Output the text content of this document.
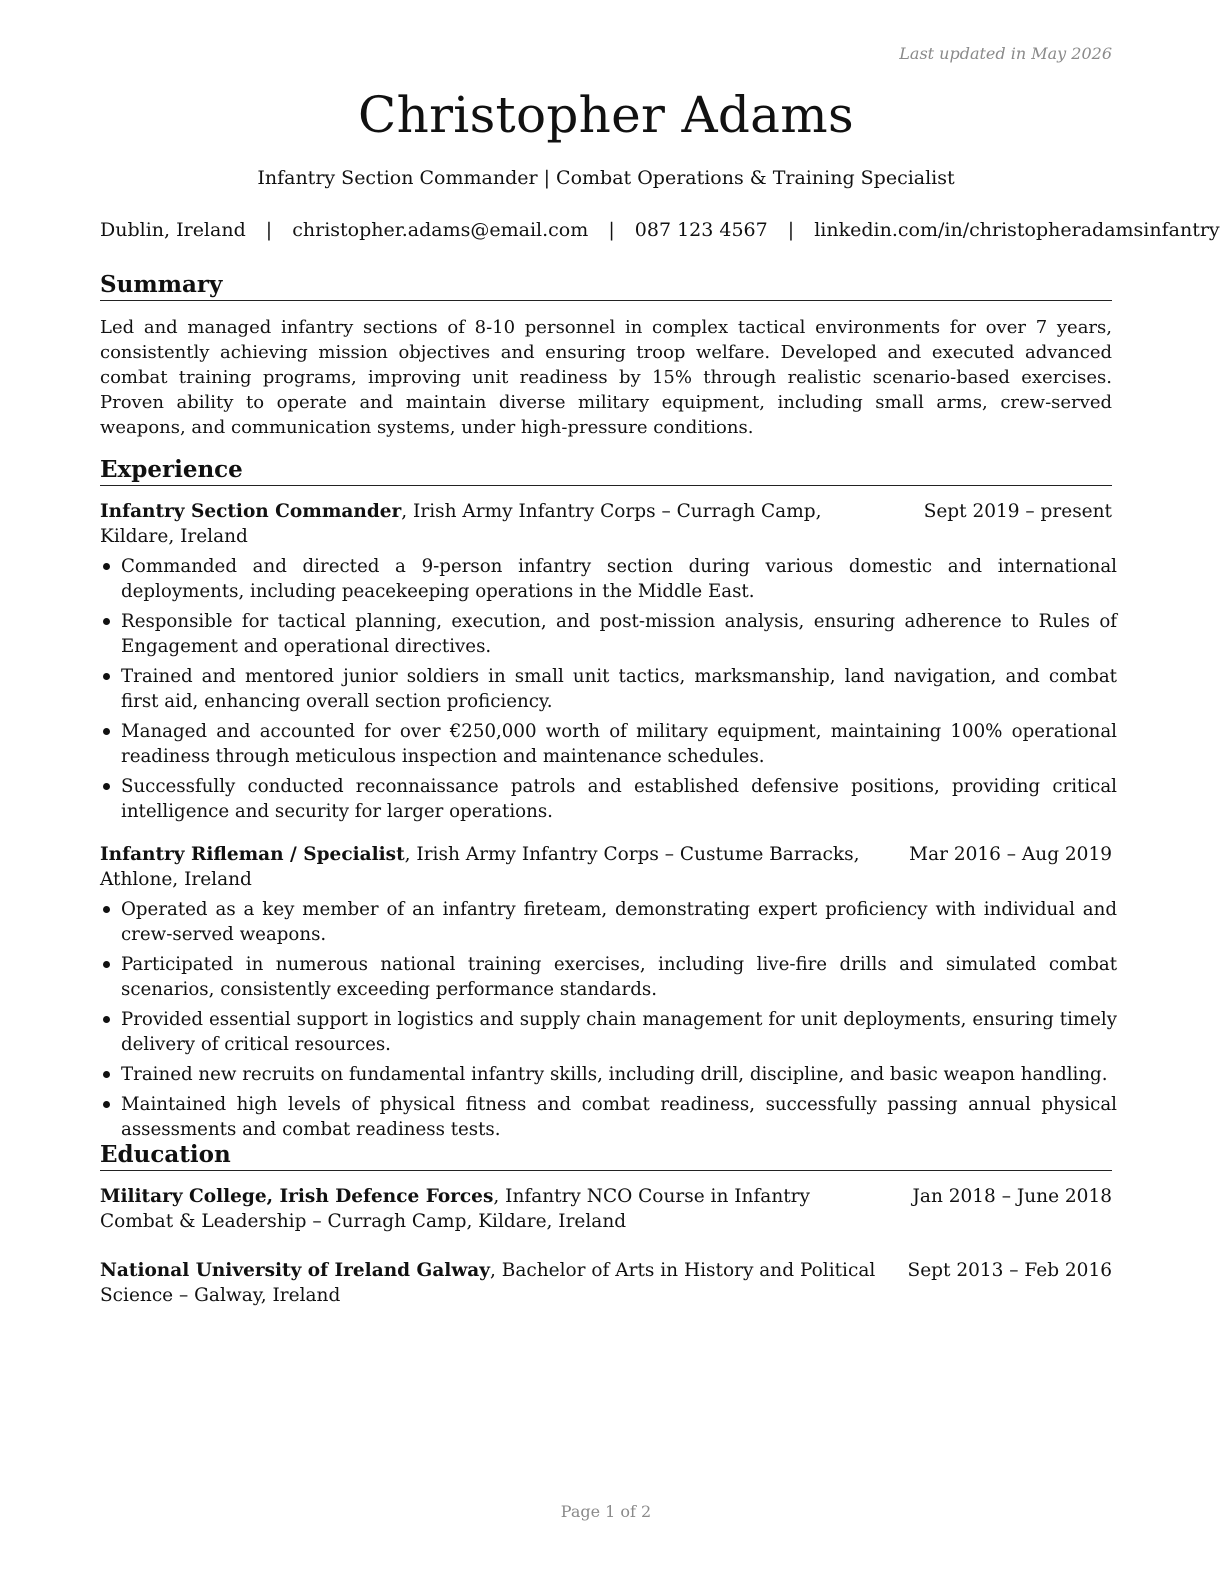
Last updated in May 2026
Christopher Adams
Infantry Section Commander | Combat Operations & Training Specialist
Dublin, Ireland | christopher.adams@email.com | 087 123 4567 | linkedin.com/in/christopheradamsinfantry
Summary

Led and managed infantry sections of 8-10 personnel in complex tactical environments for over 7 years, consistently achieving mission objectives and ensuring troop welfare. Developed and executed advanced combat training programs, improving unit readiness by 15% through realistic scenario-based exercises. Proven ability to operate and maintain diverse military equipment, including small arms, crew-served weapons, and communication systems, under high-pressure conditions.

Experience
Infantry Section Commander, Irish Army Infantry Corps – Curragh Camp, Kildare, Ireland
Sept 2019 – present
Commanded and directed a 9-person infantry section during various domestic and international deployments, including peacekeeping operations in the Middle East.
Responsible for tactical planning, execution, and post-mission analysis, ensuring adherence to Rules of Engagement and operational directives.
Trained and mentored junior soldiers in small unit tactics, marksmanship, land navigation, and combat first aid, enhancing overall section proficiency.
Managed and accounted for over €250,000 worth of military equipment, maintaining 100% operational readiness through meticulous inspection and maintenance schedules.
Successfully conducted reconnaissance patrols and established defensive positions, providing critical intelligence and security for larger operations.
Infantry Rifleman / Specialist, Irish Army Infantry Corps – Custume Barracks, Athlone, Ireland
Mar 2016 – Aug 2019
Operated as a key member of an infantry fireteam, demonstrating expert proficiency with individual and crew-served weapons.
Participated in numerous national training exercises, including live-fire drills and simulated combat scenarios, consistently exceeding performance standards.
Provided essential support in logistics and supply chain management for unit deployments, ensuring timely delivery of critical resources.
Trained new recruits on fundamental infantry skills, including drill, discipline, and basic weapon handling.
Maintained high levels of physical fitness and combat readiness, successfully passing annual physical assessments and combat readiness tests.
Education
Military College, Irish Defence Forces, Infantry NCO Course in Infantry Combat & Leadership – Curragh Camp, Kildare, Ireland
Jan 2018 – June 2018
National University of Ireland Galway, Bachelor of Arts in History and Political Science – Galway, Ireland
Sept 2013 – Feb 2016
Page 1 of 2
